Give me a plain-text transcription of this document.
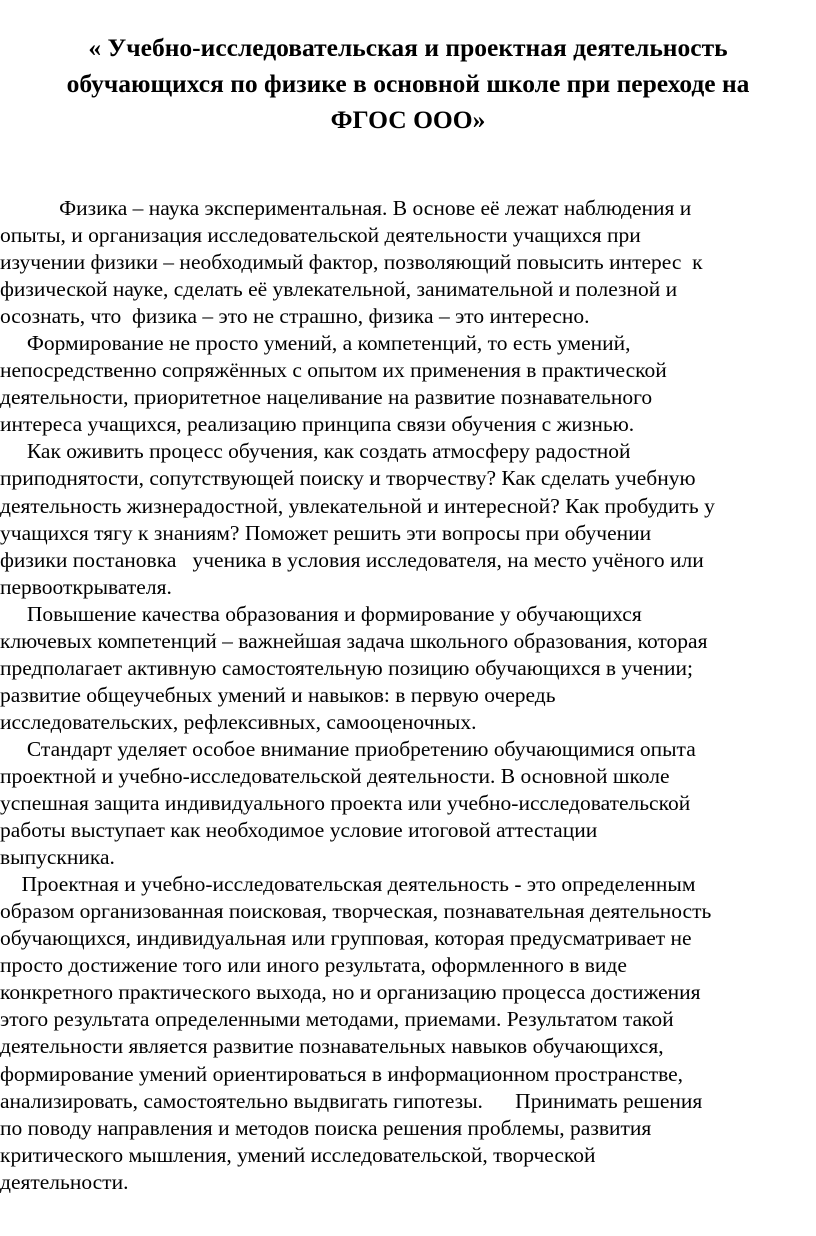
« Учебно-исследовательская и проектная деятельность
обучающихся по физике в основной школе при переходе на
ФГОС ООО»
Физика – наука экспериментальная. В основе её лежат наблюдения и
опыты, и организация исследовательской деятельности учащихся при
изучении физики – необходимый фактор, позволяющий повысить интерес  к
физической науке, сделать её увлекательной, занимательной и полезной и
осознать, что  физика – это не страшно, физика – это интересно.
Формирование не просто умений, а компетенций, то есть умений,
непосредственно сопряжённых с опытом их применения в практической
деятельности, приоритетное нацеливание на развитие познавательного
интереса учащихся, реализацию принципа связи обучения с жизнью.
Как оживить процесс обучения, как создать атмосферу радостной
приподнятости, сопутствующей поиску и творчеству? Как сделать учебную
деятельность жизнерадостной, увлекательной и интересной? Как пробудить у
учащихся тягу к знаниям? Поможет решить эти вопросы при обучении
физики постановка   ученика в условия исследователя, на место учёного или
первооткрывателя.
Повышение качества образования и формирование у обучающихся
ключевых компетенций – важнейшая задача школьного образования, которая
предполагает активную самостоятельную позицию обучающихся в учении;
развитие общеучебных умений и навыков: в первую очередь
исследовательских, рефлексивных, самооценочных.
Стандарт уделяет особое внимание приобретению обучающимися опыта
проектной и учебно-исследовательской деятельности. В основной школе
успешная защита индивидуального проекта или учебно-исследовательской
работы выступает как необходимое условие итоговой аттестации
выпускника.
Проектная и учебно-исследовательская деятельность - это определенным
образом организованная поисковая, творческая, познавательная деятельность
обучающихся, индивидуальная или групповая, которая предусматривает не
просто достижение того или иного результата, оформленного в виде
конкретного практического выхода, но и организацию процесса достижения
этого результата определенными методами, приемами. Результатом такой
деятельности является развитие познавательных навыков обучающихся,
формирование умений ориентироваться в информационном пространстве,
анализировать, самостоятельно выдвигать гипотезы.      Принимать решения
по поводу направления и методов поиска решения проблемы, развития
критического мышления, умений исследовательской, творческой
деятельности.
